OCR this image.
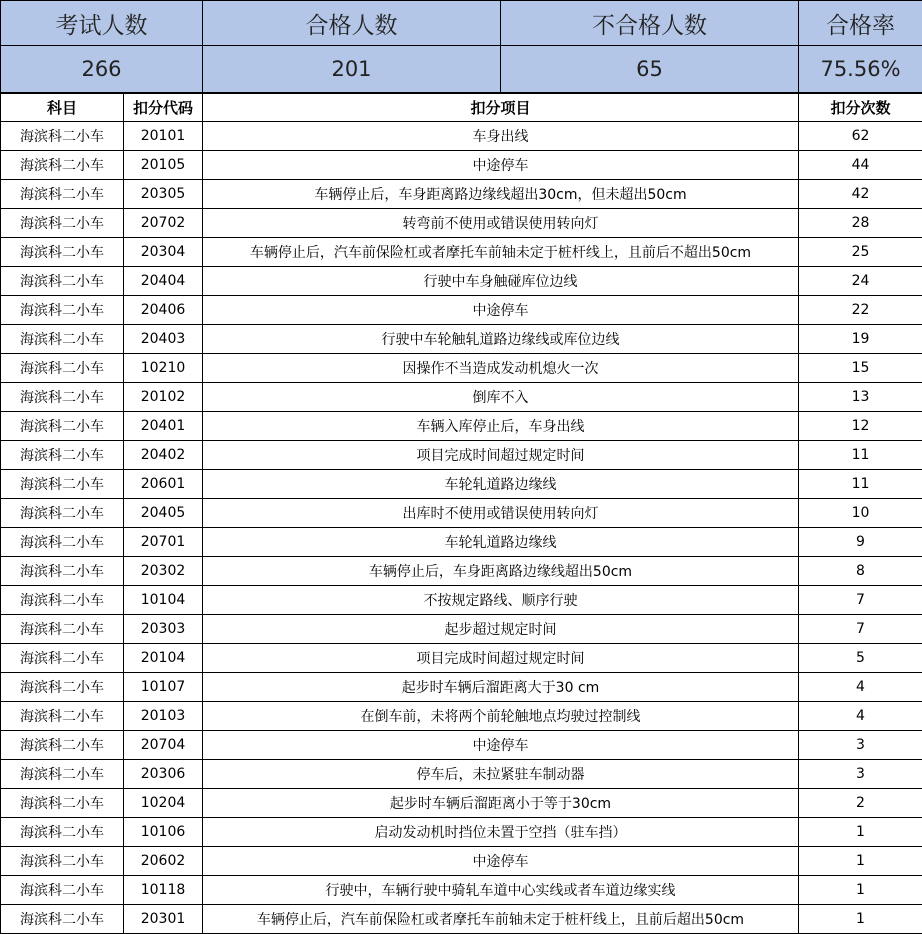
考试人数		合格人数	不合格人数	合格率
266		201	65	75.56%
科目	扣分代码	扣分项目		扣分次数
海滨科二小车	20101	车身出线		62
海滨科二小车	20105	中途停车		44
海滨科二小车	20305	车辆停止后，车身距离路边缘线超出30cm，但未超出50cm		42
海滨科二小车	20702	转弯前不使用或错误使用转向灯		28
海滨科二小车	20304	车辆停止后，汽车前保险杠或者摩托车前轴未定于桩杆线上，且前后不超出50cm		25
海滨科二小车	20404	行驶中车身触碰库位边线		24
海滨科二小车	20406	中途停车		22
海滨科二小车	20403	行驶中车轮触轧道路边缘线或库位边线		19
海滨科二小车	10210	因操作不当造成发动机熄火一次		15
海滨科二小车	20102	倒库不入		13
海滨科二小车	20401	车辆入库停止后，车身出线		12
海滨科二小车	20402	项目完成时间超过规定时间		11
海滨科二小车	20601	车轮轧道路边缘线		11
海滨科二小车	20405	出库时不使用或错误使用转向灯		10
海滨科二小车	20701	车轮轧道路边缘线		9
海滨科二小车	20302	车辆停止后，车身距离路边缘线超出50cm		8
海滨科二小车	10104	不按规定路线、顺序行驶		7
海滨科二小车	20303	起步超过规定时间		7
海滨科二小车	20104	项目完成时间超过规定时间		5
海滨科二小车	10107	起步时车辆后溜距离大于30 cm		4
海滨科二小车	20103	在倒车前，未将两个前轮触地点均驶过控制线		4
海滨科二小车	20704	中途停车		3
海滨科二小车	20306	停车后，未拉紧驻车制动器		3
海滨科二小车	10204	起步时车辆后溜距离小于等于30cm		2
海滨科二小车	10106	启动发动机时挡位未置于空挡（驻车挡）		1
海滨科二小车	20602	中途停车		1
海滨科二小车	10118	行驶中，车辆行驶中骑轧车道中心实线或者车道边缘实线		1
海滨科二小车	20301	车辆停止后，汽车前保险杠或者摩托车前轴未定于桩杆线上，且前后超出50cm		1
